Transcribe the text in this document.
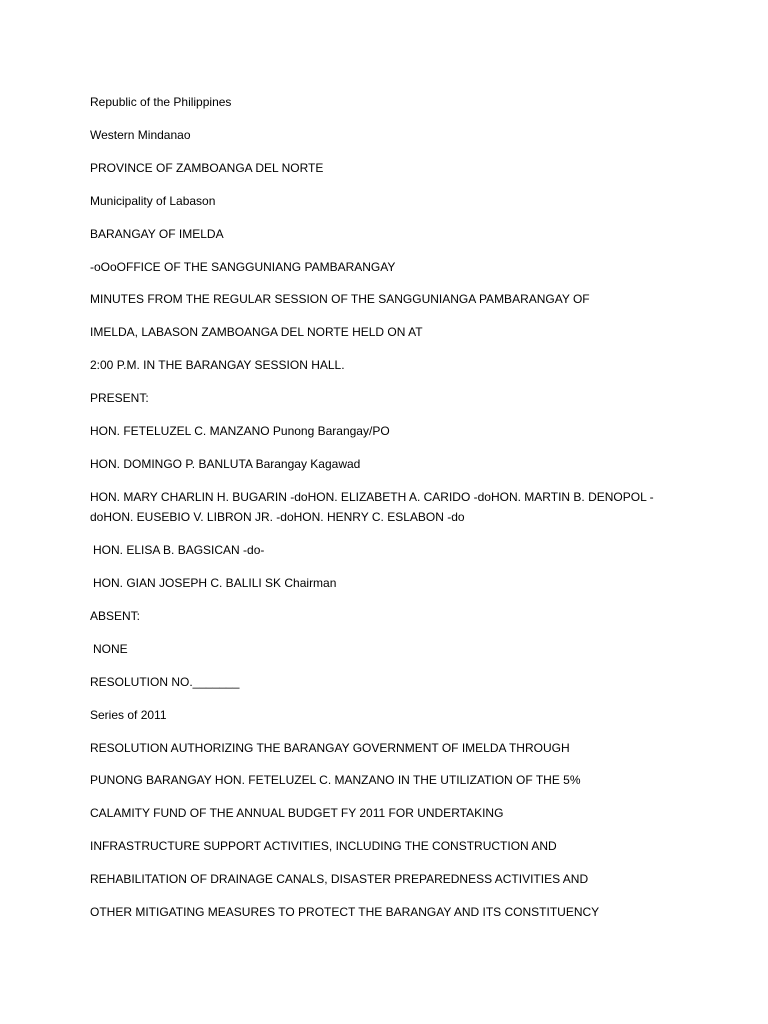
Republic of the Philippines
Western Mindanao
PROVINCE OF ZAMBOANGA DEL NORTE
Municipality of Labason
BARANGAY OF IMELDA
-oOoOFFICE OF THE SANGGUNIANG PAMBARANGAY
MINUTES FROM THE REGULAR SESSION OF THE SANGGUNIANGA PAMBARANGAY OF
IMELDA, LABASON ZAMBOANGA DEL NORTE HELD ON AT
2:00 P.M. IN THE BARANGAY SESSION HALL.
PRESENT:
HON. FETELUZEL C. MANZANO Punong Barangay/PO
HON. DOMINGO P. BANLUTA Barangay Kagawad
HON. MARY CHARLIN H. BUGARIN -doHON. ELIZABETH A. CARIDO -doHON. MARTIN B. DENOPOL -doHON. EUSEBIO V. LIBRON JR. -doHON. HENRY C. ESLABON -do
HON. ELISA B. BAGSICAN -do-
HON. GIAN JOSEPH C. BALILI SK Chairman
ABSENT:
NONE
RESOLUTION NO._______
Series of 2011
RESOLUTION AUTHORIZING THE BARANGAY GOVERNMENT OF IMELDA THROUGH
PUNONG BARANGAY HON. FETELUZEL C. MANZANO IN THE UTILIZATION OF THE 5%
CALAMITY FUND OF THE ANNUAL BUDGET FY 2011 FOR UNDERTAKING
INFRASTRUCTURE SUPPORT ACTIVITIES, INCLUDING THE CONSTRUCTION AND
REHABILITATION OF DRAINAGE CANALS, DISASTER PREPAREDNESS ACTIVITIES AND
OTHER MITIGATING MEASURES TO PROTECT THE BARANGAY AND ITS CONSTITUENCY
